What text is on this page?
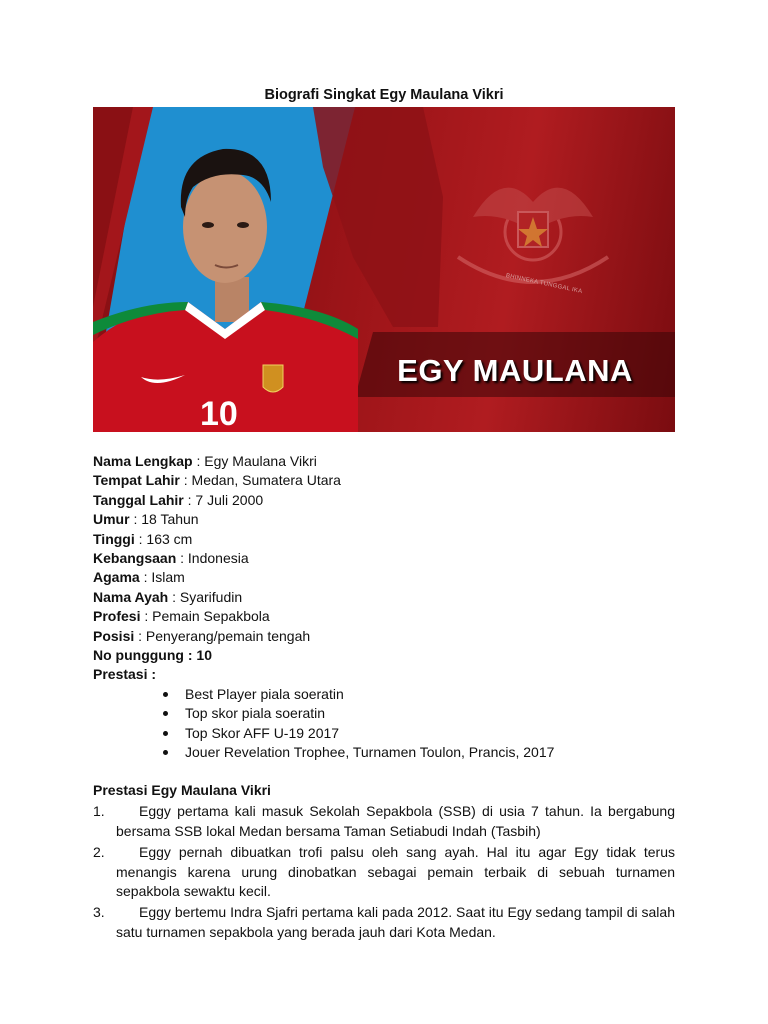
Biografi Singkat Egy Maulana Vikri
BHINNEKA TUNGGAL IKA
10
EGY MAULANA
Nama Lengkap : Egy Maulana Vikri
Tempat Lahir : Medan, Sumatera Utara
Tanggal Lahir : 7 Juli 2000
Umur : 18 Tahun
Tinggi : 163 cm
Kebangsaan : Indonesia
Agama : Islam
Nama Ayah : Syarifudin
Profesi : Pemain Sepakbola
Posisi : Penyerang/pemain tengah
No punggung : 10
Prestasi :
Best Player piala soeratin
Top skor piala soeratin
Top Skor AFF U-19 2017
Jouer Revelation Trophee, Turnamen Toulon, Prancis, 2017
Prestasi Egy Maulana Vikri
1.	Eggy pertama kali masuk Sekolah Sepakbola (SSB) di usia 7 tahun. Ia bergabung bersama SSB lokal Medan bersama Taman Setiabudi Indah (Tasbih)
2.	Eggy pernah dibuatkan trofi palsu oleh sang ayah. Hal itu agar Egy tidak terus menangis karena urung dinobatkan sebagai pemain terbaik di sebuah turnamen sepakbola sewaktu kecil.
3.	Eggy bertemu Indra Sjafri pertama kali pada 2012. Saat itu Egy sedang tampil di salah satu turnamen sepakbola yang berada jauh dari Kota Medan.
